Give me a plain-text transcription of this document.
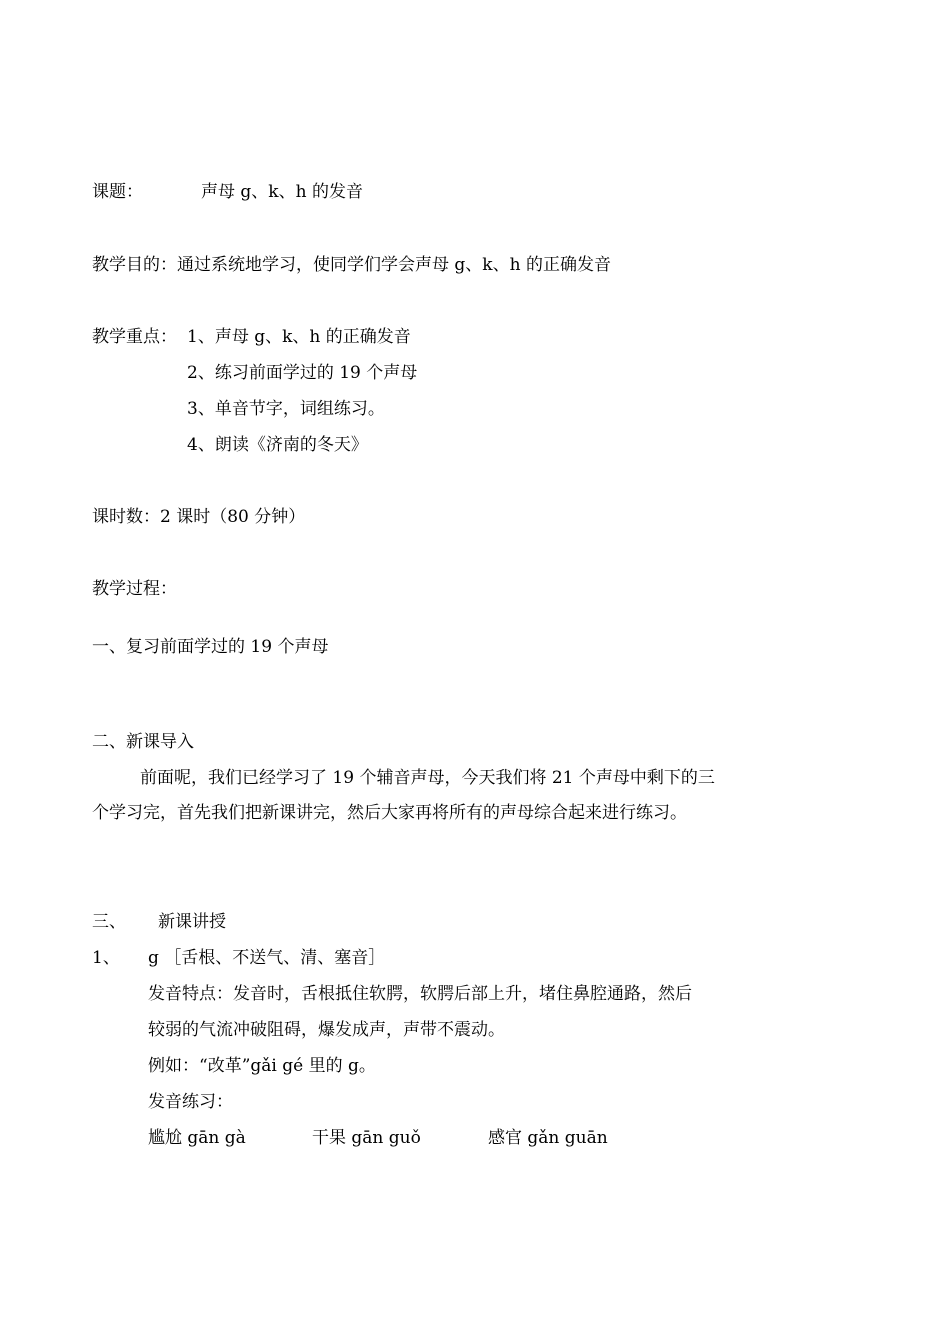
课题：	声母 g、k、h 的发音
教学目的：通过系统地学习，使同学们学会声母 g、k、h 的正确发音
教学重点： 1、声母 g、k、h 的正确发音
2、练习前面学过的 19 个声母
3、单音节字，词组练习。
4、朗读《济南的冬天》
课时数：2 课时（80 分钟）
教学过程：
一、复习前面学过的 19 个声母
二、新课导入
前面呢，我们已经学习了 19 个辅音声母，今天我们将 21 个声母中剩下的三
个学习完，首先我们把新课讲完，然后大家再将所有的声母综合起来进行练习。
三、 新课讲授
1、 g ［舌根、不送气、清、塞音］
发音特点：发音时，舌根抵住软腭，软腭后部上升，堵住鼻腔通路，然后
较弱的气流冲破阻碍，爆发成声，声带不震动。
例如：“改革”gǎi gé 里的 g。
发音练习：
尴尬 gān gà	干果 gān guǒ	感官 gǎn guān
